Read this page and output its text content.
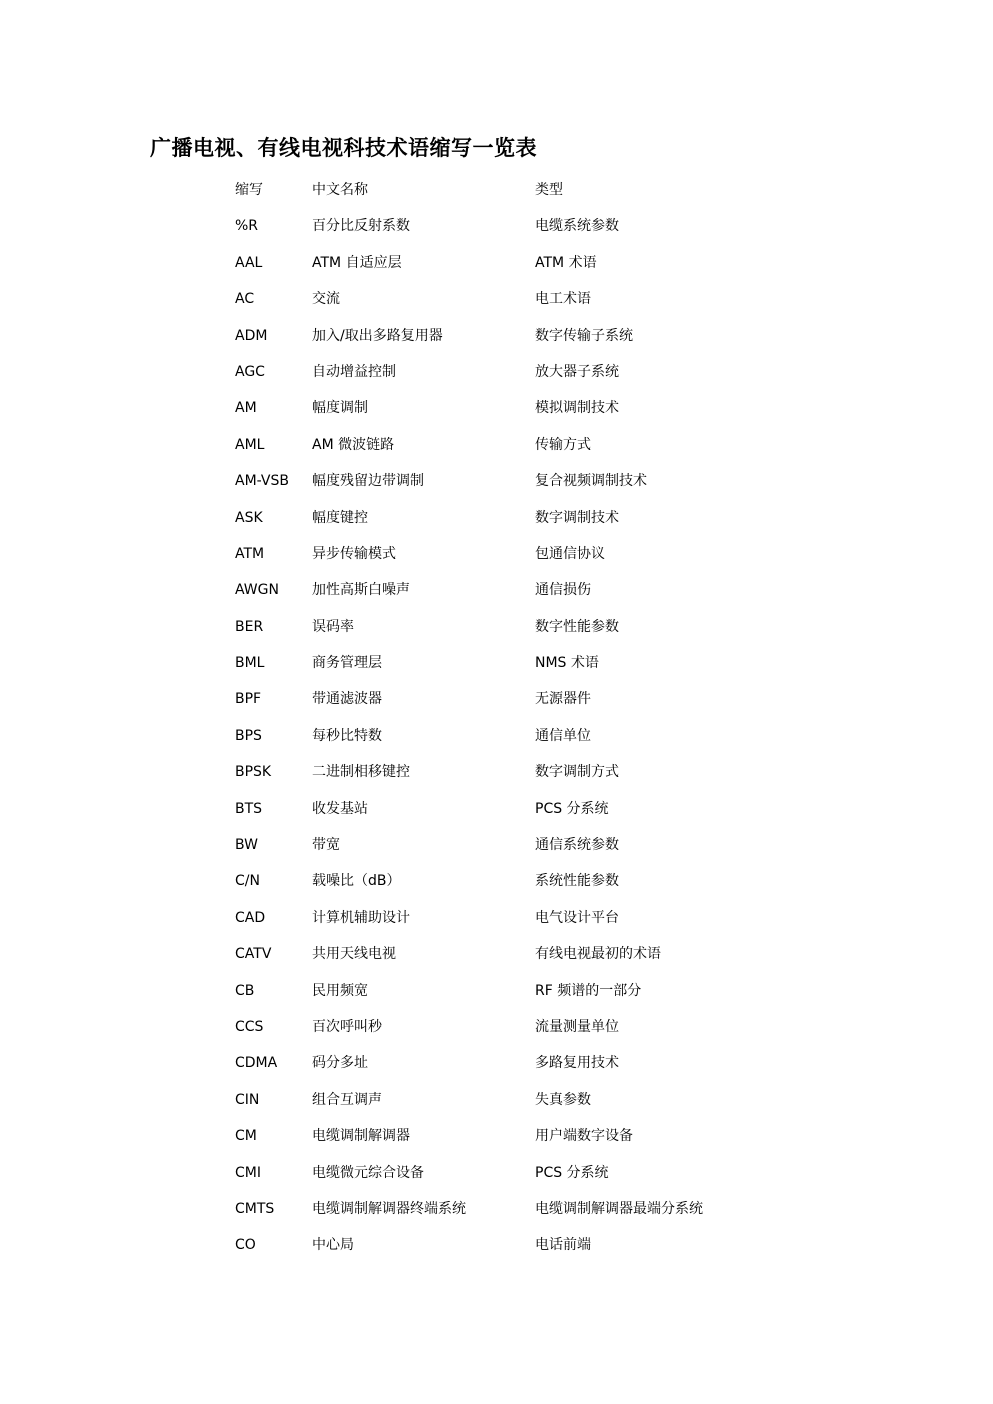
广播电视、有线电视科技术语缩写一览表
缩写	中文名称	类型
%R	百分比反射系数	电缆系统参数
AAL	ATM 自适应层	ATM 术语
AC	交流	电工术语
ADM	加入/取出多路复用器	数字传输子系统
AGC	自动增益控制	放大器子系统
AM	幅度调制	模拟调制技术
AML	AM 微波链路	传输方式
AM-VSB 幅度残留边带调制	复合视频调制技术
ASK	幅度键控	数字调制技术
ATM	异步传输模式	包通信协议
AWGN 加性高斯白噪声	通信损伤
BER	误码率	数字性能参数
BML	商务管理层	NMS 术语
BPF	带通滤波器	无源器件
BPS	每秒比特数	通信单位
BPSK	二进制相移键控	数字调制方式
BTS	收发基站	PCS 分系统
BW	带宽	通信系统参数
C/N	载噪比（dB）	系统性能参数
CAD	计算机辅助设计	电气设计平台
CATV	共用天线电视	有线电视最初的术语
CB	民用频宽	RF 频谱的一部分
CCS	百次呼叫秒	流量测量单位
CDMA 码分多址	多路复用技术
CIN	组合互调声	失真参数
CM	电缆调制解调器	用户端数字设备
CMI	电缆微元综合设备	PCS 分系统
CMTS	电缆调制解调器终端系统	电缆调制解调器最端分系统
CO	中心局	电话前端
